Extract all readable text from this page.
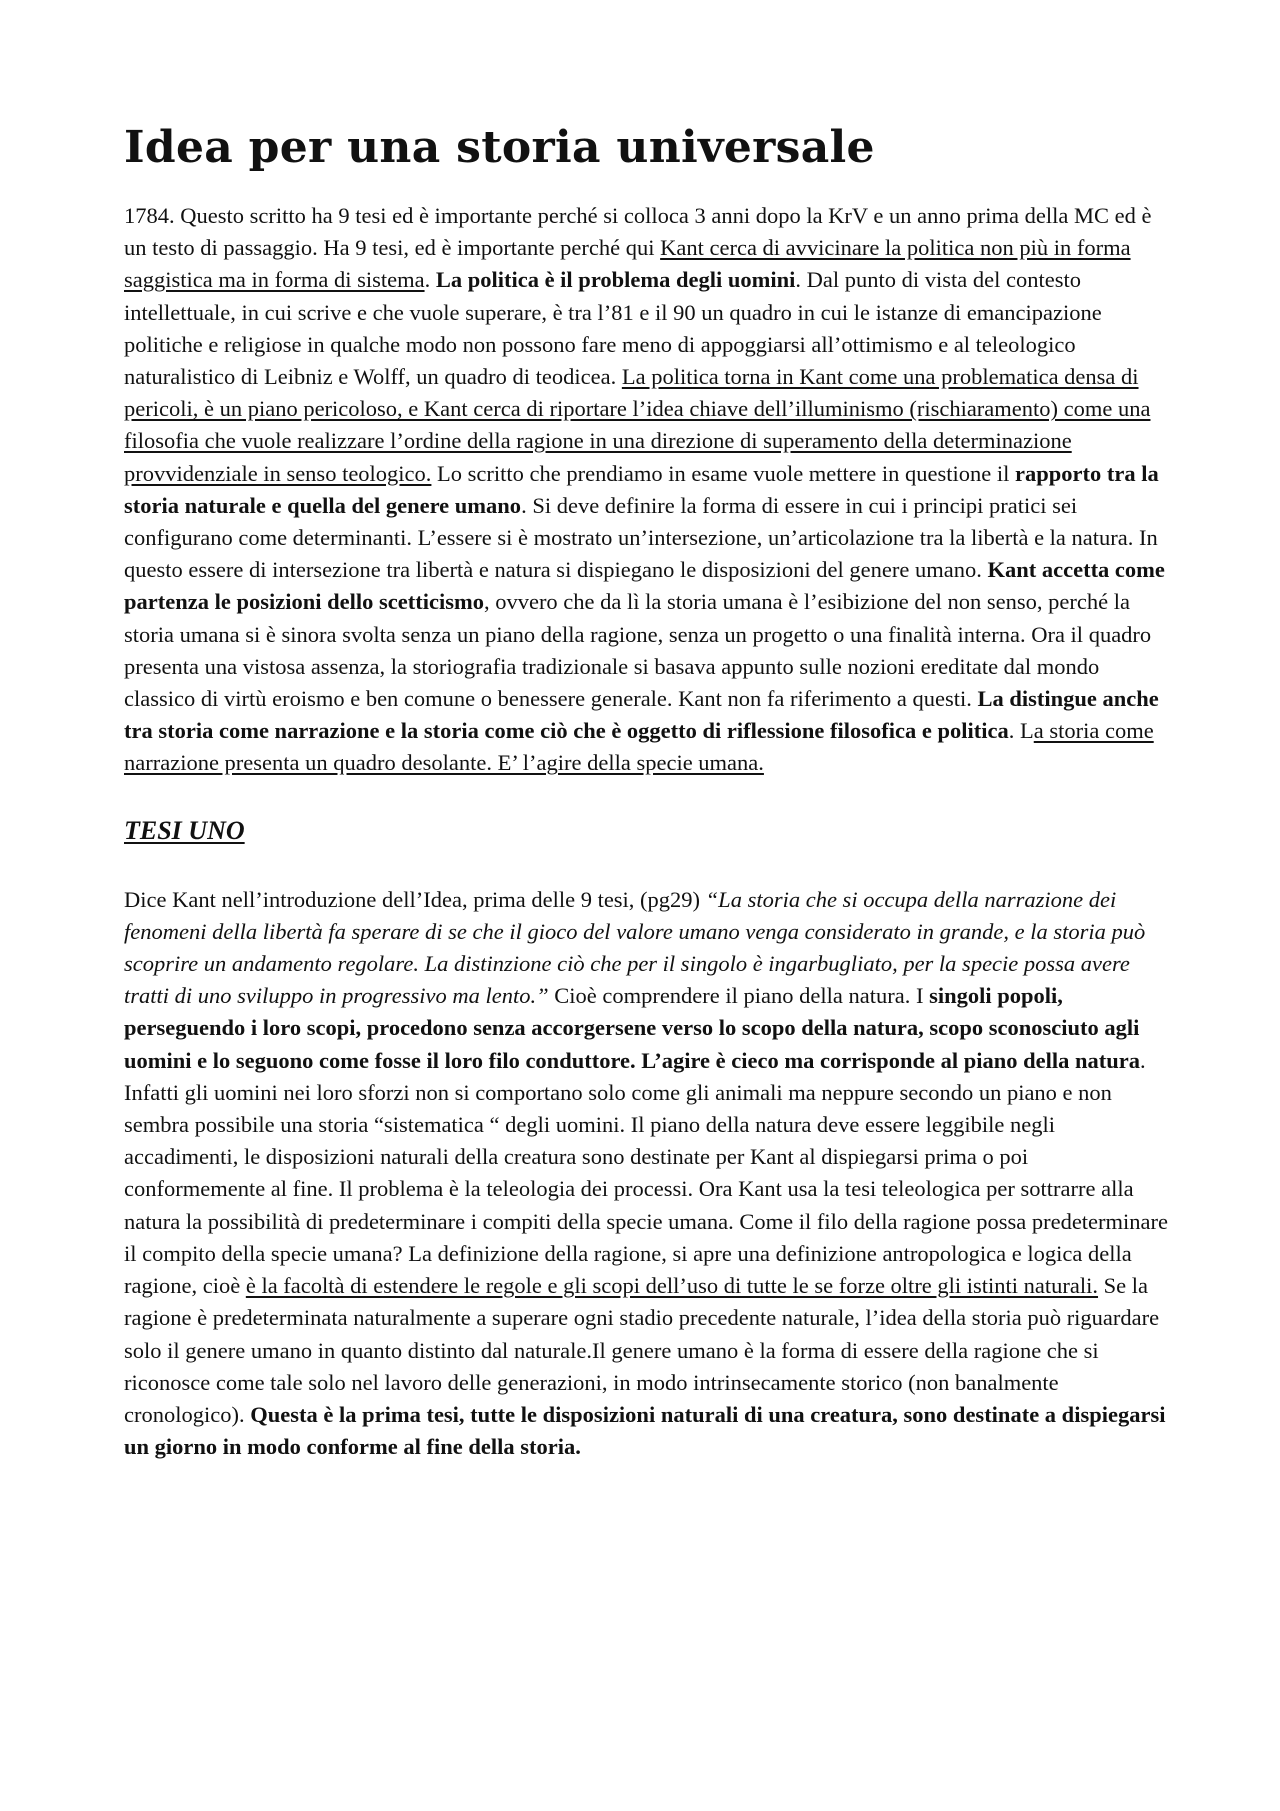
Idea per una storia universale

1784. Questo scritto ha 9 tesi ed è importante perché si colloca 3 anni dopo la KrV e un anno prima della MC ed è un testo di passaggio. Ha 9 tesi, ed è importante perché qui Kant cerca di avvicinare la politica non più in forma saggistica ma in forma di sistema. La politica è il problema degli uomini. Dal punto di vista del contesto intellettuale, in cui scrive e che vuole superare, è tra l’81 e il 90 un quadro in cui le istanze di emancipazione politiche e religiose in qualche modo non possono fare meno di appoggiarsi all’ottimismo e al teleologico naturalistico di Leibniz e Wolff, un quadro di teodicea. La politica torna in Kant come una problematica densa di pericoli, è un piano pericoloso, e Kant cerca di riportare l’idea chiave dell’illuminismo (rischiaramento) come una filosofia che vuole realizzare l’ordine della ragione in una direzione di superamento della determinazione provvidenziale in senso teologico. Lo scritto che prendiamo in esame vuole mettere in questione il rapporto tra la storia naturale e quella del genere umano. Si deve definire la forma di essere in cui i principi pratici sei configurano come determinanti. L’essere si è mostrato un’intersezione, un’articolazione tra la libertà e la natura. In questo essere di intersezione tra libertà e natura si dispiegano le disposizioni del genere umano. Kant accetta come partenza le posizioni dello scetticismo, ovvero che da lì la storia umana è l’esibizione del non senso, perché la storia umana si è sinora svolta senza un piano della ragione, senza un progetto o una finalità interna. Ora il quadro presenta una vistosa assenza, la storiografia tradizionale si basava appunto sulle nozioni ereditate dal mondo classico di virtù eroismo e ben comune o benessere generale. Kant non fa riferimento a questi. La distingue anche tra storia come narrazione e la storia come ciò che è oggetto di riflessione filosofica e politica. La storia come narrazione presenta un quadro desolante. E’ l’agire della specie umana.

TESI UNO

Dice Kant nell’introduzione dell’Idea, prima delle 9 tesi, (pg29) “La storia che si occupa della narrazione dei fenomeni della libertà fa sperare di se che il gioco del valore umano venga considerato in grande, e la storia può scoprire un andamento regolare. La distinzione ciò che per il singolo è ingarbugliato, per la specie possa avere tratti di uno sviluppo in progressivo ma lento.” Cioè comprendere il piano della natura. I singoli popoli, perseguendo i loro scopi, procedono senza accorgersene verso lo scopo della natura, scopo sconosciuto agli uomini e lo seguono come fosse il loro filo conduttore. L’agire è cieco ma corrisponde al piano della natura. Infatti gli uomini nei loro sforzi non si comportano solo come gli animali ma neppure secondo un piano e non sembra possibile una storia “sistematica “ degli uomini. Il piano della natura deve essere leggibile negli accadimenti, le disposizioni naturali della creatura sono destinate per Kant al dispiegarsi prima o poi conformemente al fine. Il problema è la teleologia dei processi. Ora Kant usa la tesi teleologica per sottrarre alla natura la possibilità di predeterminare i compiti della specie umana. Come il filo della ragione possa predeterminare il compito della specie umana? La definizione della ragione, si apre una definizione antropologica e logica della ragione, cioè è la facoltà di estendere le regole e gli scopi dell’uso di tutte le se forze oltre gli istinti naturali. Se la ragione è predeterminata naturalmente a superare ogni stadio precedente naturale, l’idea della storia può riguardare solo il genere umano in quanto distinto dal naturale.Il genere umano è la forma di essere della ragione che si riconosce come tale solo nel lavoro delle generazioni, in modo intrinsecamente storico (non banalmente cronologico). Questa è la prima tesi, tutte le disposizioni naturali di una creatura, sono destinate a dispiegarsi un giorno in modo conforme al fine della storia.
